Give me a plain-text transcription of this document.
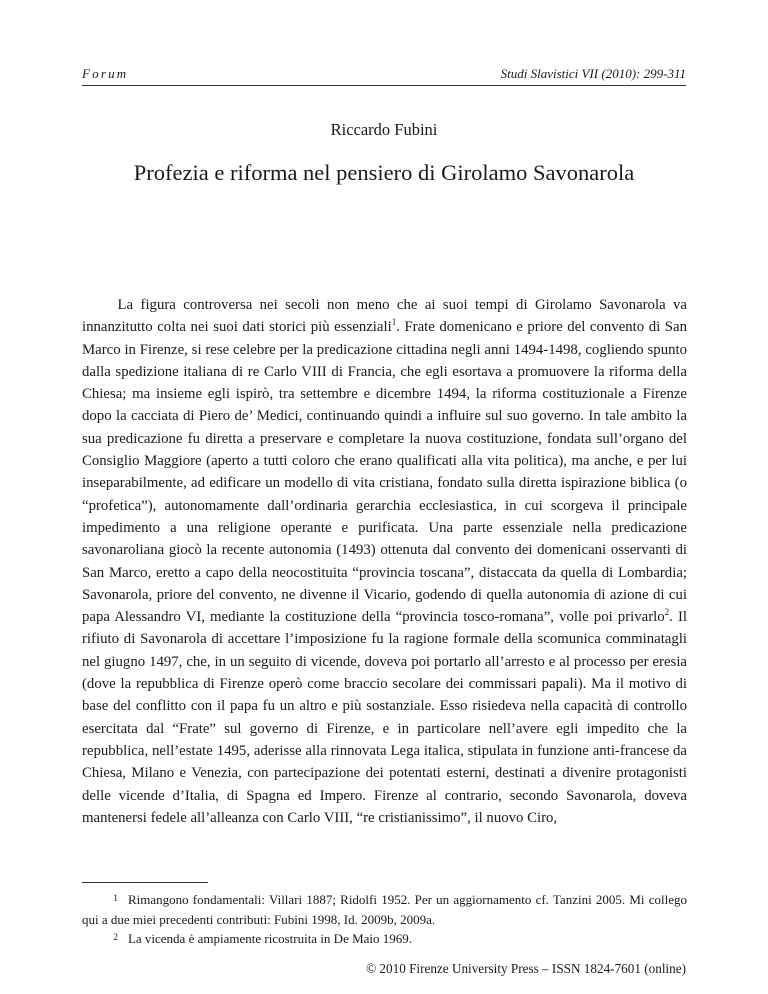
Forum	Studi Slavistici VII (2010): 299-311
Riccardo Fubini
Profezia e riforma nel pensiero di Girolamo Savonarola

La figura controversa nei secoli non meno che ai suoi tempi di Girolamo Savonarola va innanzitutto colta nei suoi dati storici più essenziali$^1$. Frate domenicano e priore del convento di San Marco in Firenze, si rese celebre per la predicazione cittadina negli anni 1494-1498, cogliendo spunto dalla spedizione italiana di re Carlo VIII di Francia, che egli esortava a promuovere la riforma della Chiesa; ma insieme egli ispirò, tra settembre e dicembre 1494, la riforma costituzionale a Firenze dopo la cacciata di Piero de’ Medici, continuando quindi a influire sul suo governo. In tale ambito la sua predicazione fu diretta a preservare e completare la nuova costituzione, fondata sull’organo del Consiglio Maggiore (aperto a tutti coloro che erano qualificati alla vita politica), ma anche, e per lui inseparabilmente, ad edificare un modello di vita cristiana, fondato sulla diretta ispirazione biblica (o “profetica”), autonomamente dall’ordinaria gerarchia ecclesiastica, in cui scorgeva il principale impedimento a una religione operante e purificata. Una parte essenziale nella predicazione savonaroliana giocò la recente autonomia (1493) ottenuta dal convento dei domenicani osservanti di San Marco, eretto a capo della neocostituita “provincia toscana”, distaccata da quella di Lombardia; Savonarola, priore del convento, ne divenne il Vicario, godendo di quella autonomia di azione di cui papa Alessandro VI, mediante la costituzione della “provincia tosco-romana”, volle poi privarlo$^2$. Il rifiuto di Savonarola di accettare l’imposizione fu la ragione formale della scomunica comminatagli nel giugno 1497, che, in un seguito di vicende, doveva poi portarlo all’arresto e al processo per eresia (dove la repubblica di Firenze operò come braccio secolare dei commissari papali). Ma il motivo di base del conflitto con il papa fu un altro e più sostanziale. Esso risiedeva nella capacità di controllo esercitata dal “Frate” sul governo di Firenze, e in particolare nell’avere egli impedito che la repubblica, nell’estate 1495, aderisse alla rinnovata Lega italica, stipulata in funzione anti-francese da Chiesa, Milano e Venezia, con partecipazione dei potentati esterni, destinati a divenire protagonisti delle vicende d’Italia, di Spagna ed Impero. Firenze al contrario, secondo Savonarola, doveva mantenersi fedele all’alleanza con Carlo VIII, “re cristianissimo”, il nuovo Ciro,

$^1$ Rimangono fondamentali: Villari 1887; Ridolfi 1952. Per un aggiornamento cf. Tanzini 2005. Mi collego qui a due miei precedenti contributi: Fubini 1998, Id. 2009b, 2009a.

$^2$ La vicenda è ampiamente ricostruita in De Maio 1969.

© 2010 Firenze University Press – ISSN 1824-7601 (online)
